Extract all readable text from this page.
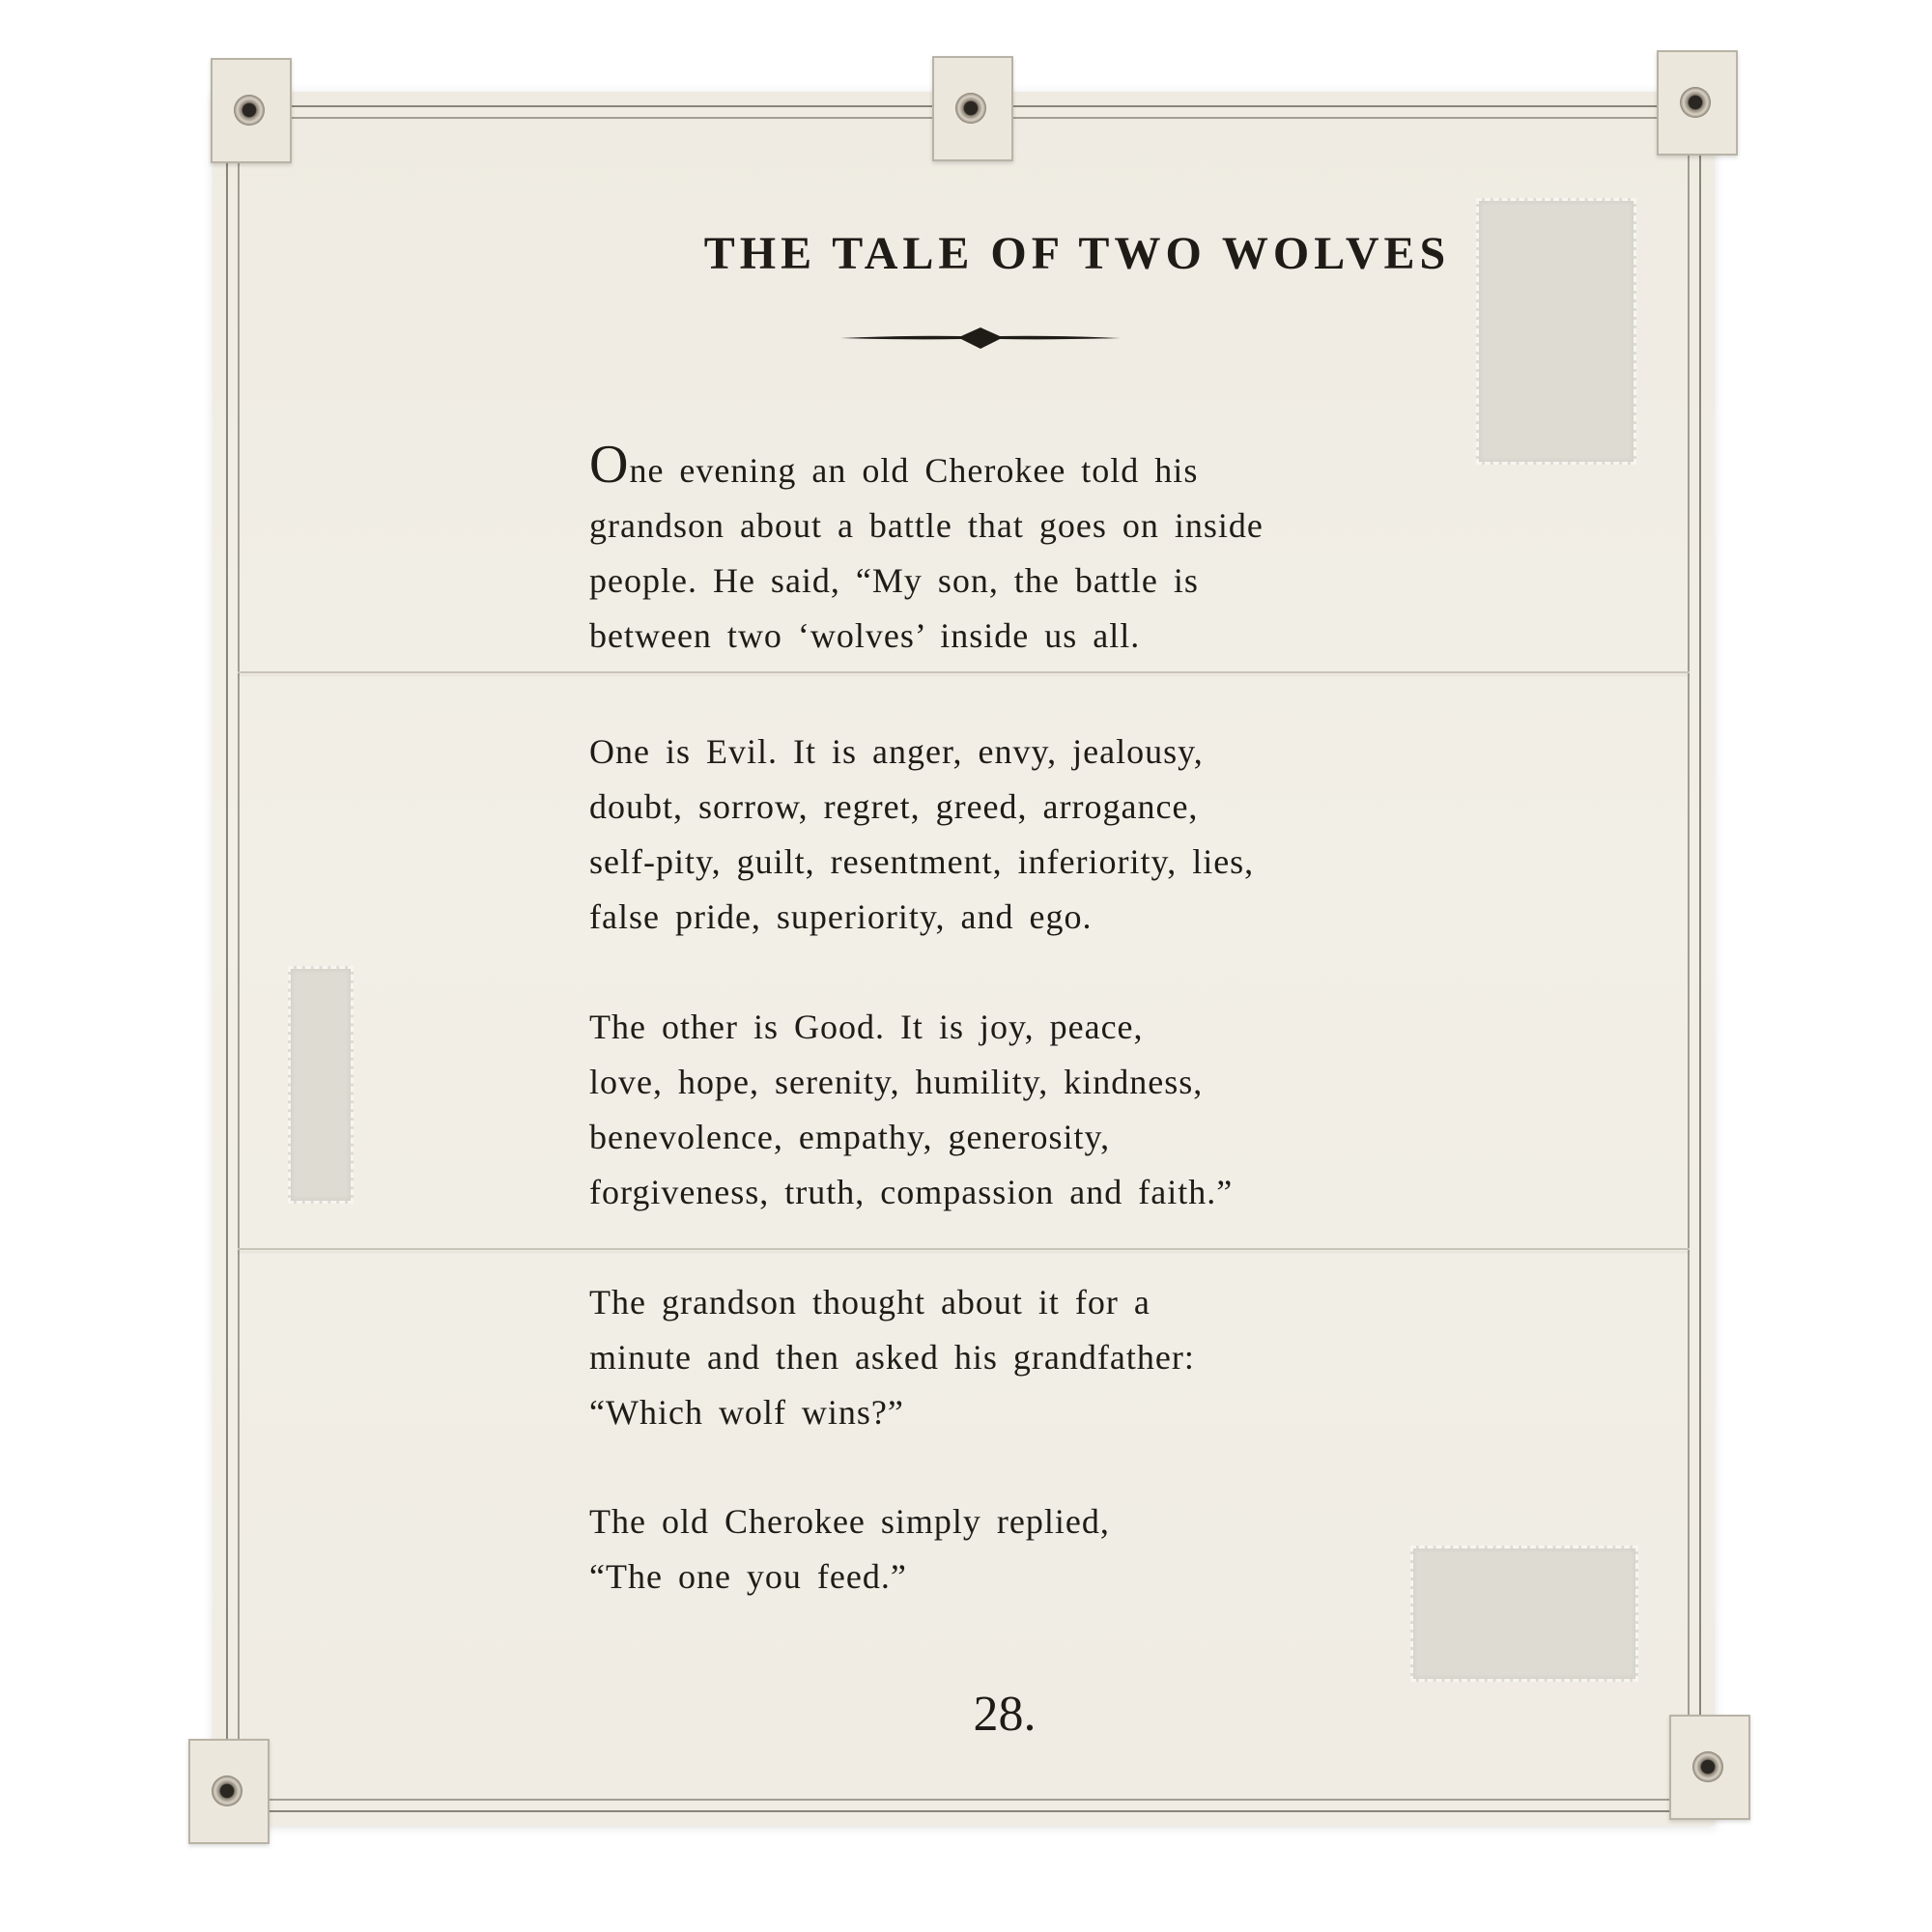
THE TALE OF TWO WOLVES

One evening an old Cherokee told his
grandson about a battle that goes on inside
people. He said, “My son, the battle is
between two ‘wolves’ inside us all.

One is Evil. It is anger, envy, jealousy,
doubt, sorrow, regret, greed, arrogance,
self-pity, guilt, resentment, inferiority, lies,
false pride, superiority, and ego.

The other is Good. It is joy, peace,
love, hope, serenity, humility, kindness,
benevolence, empathy, generosity,
forgiveness, truth, compassion and faith.”

The grandson thought about it for a
minute and then asked his grandfather:
“Which wolf wins?”

The old Cherokee simply replied,
“The one you feed.”

28.
